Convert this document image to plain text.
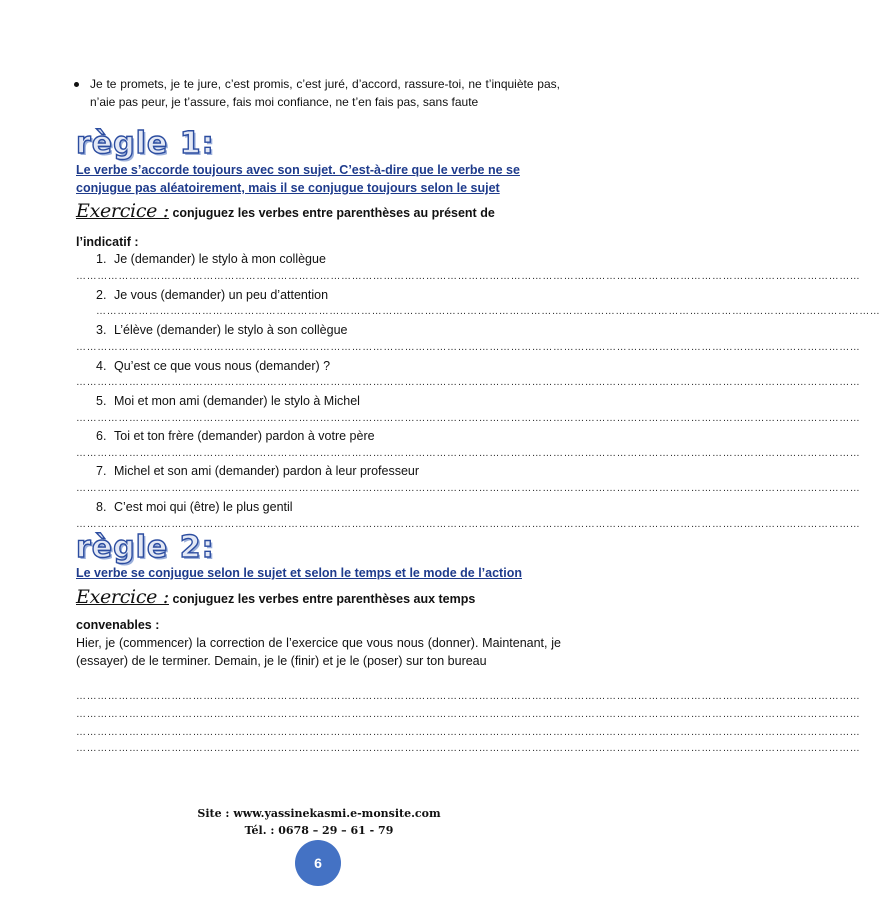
Je te promets, je te jure, c’est promis, c’est juré, d’accord, rassure-toi, ne t’inquiète pas, n’aie pas peur, je t’assure, fais moi confiance, ne t’en fais pas, sans faute
règle 1:
Le verbe s’accorde toujours avec son sujet. C’est-à-dire que le verbe ne se conjugue pas aléatoirement, mais il se conjugue toujours selon le sujet
Exercice : conjuguez les verbes entre parenthèses au présent de
l’indicatif :
1. Je (demander) le stylo à mon collègue
……………………………………………………………………………………………………………………………………………………………………………………………………
2. Je vous (demander) un peu d’attention
……………………………………………………………………………………………………………………………………………………………………………………………………
3. L’élève (demander) le stylo à son collègue
……………………………………………………………………………………………………………………………………………………………………………………………………
4. Qu’est ce que vous nous (demander) ?
……………………………………………………………………………………………………………………………………………………………………………………………………
5. Moi et mon ami (demander) le stylo à Michel
……………………………………………………………………………………………………………………………………………………………………………………………………
6. Toi et ton frère (demander) pardon à votre père
……………………………………………………………………………………………………………………………………………………………………………………………………
7. Michel et son ami (demander) pardon à leur professeur
……………………………………………………………………………………………………………………………………………………………………………………………………
8. C’est moi qui (être) le plus gentil
……………………………………………………………………………………………………………………………………………………………………………………………………
règle 2:
Le verbe se conjugue selon le sujet et selon le temps et le mode de l’action
Exercice : conjuguez les verbes entre parenthèses aux temps
convenables :
Hier, je (commencer) la correction de l’exercice que vous nous (donner). Maintenant, je (essayer) de le terminer. Demain, je le (finir) et je le (poser) sur ton bureau
……………………………………………………………………………………………………………………………………………………………………………………………………
……………………………………………………………………………………………………………………………………………………………………………………………………
……………………………………………………………………………………………………………………………………………………………………………………………………
……………………………………………………………………………………………………………………………………………………………………………………………………
Site : www.yassinekasmi.e-monsite.com
Tél. : 0678 – 29 – 61 - 79
6
